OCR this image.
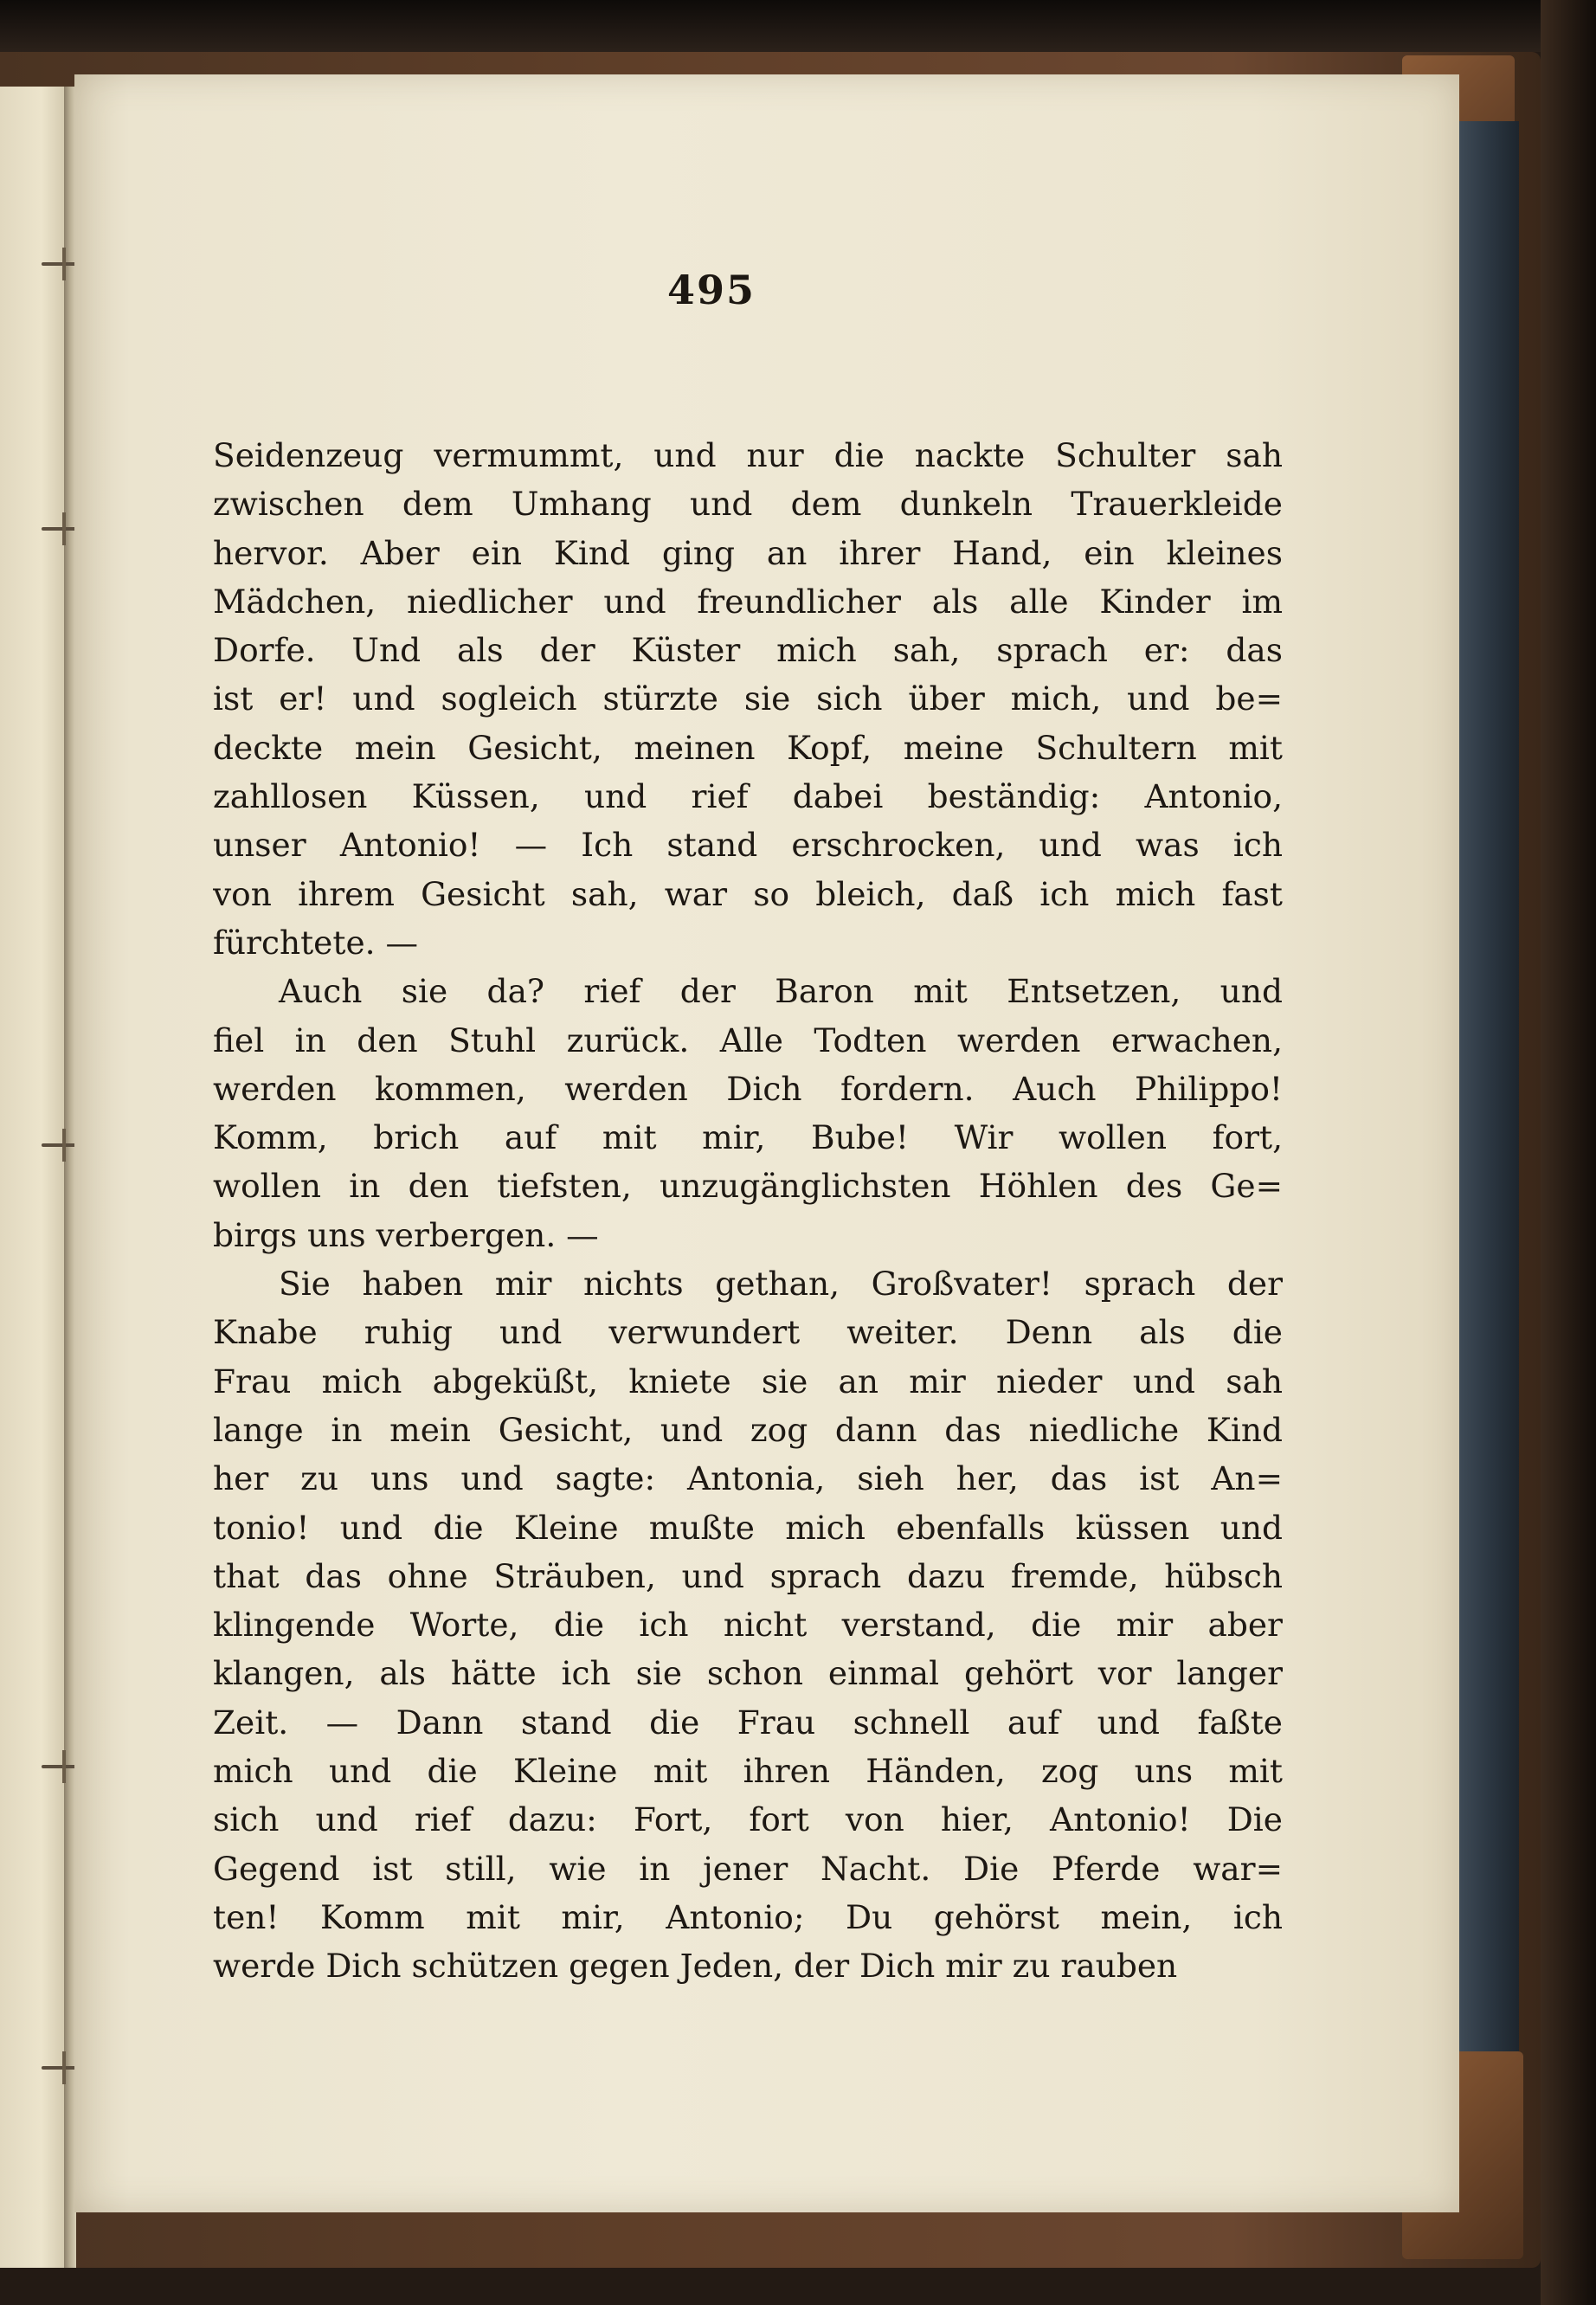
495
Seidenzeug vermummt, und nur die nackte Schulter sah
zwischen dem Umhang und dem dunkeln Trauerkleide
hervor. Aber ein Kind ging an ihrer Hand, ein kleines
Mädchen, niedlicher und freundlicher als alle Kinder im
Dorfe. Und als der Küster mich sah, sprach er: das
ist er! und sogleich stürzte sie sich über mich, und be=
deckte mein Gesicht, meinen Kopf, meine Schultern mit
zahllosen Küssen, und rief dabei beständig: Antonio,
unser Antonio! — Ich stand erschrocken, und was ich
von ihrem Gesicht sah, war so bleich, daß ich mich fast
fürchtete. —
Auch sie da? rief der Baron mit Entsetzen, und
fiel in den Stuhl zurück. Alle Todten werden erwachen,
werden kommen, werden Dich fordern. Auch Philippo!
Komm, brich auf mit mir, Bube! Wir wollen fort,
wollen in den tiefsten, unzugänglichsten Höhlen des Ge=
birgs uns verbergen. —
Sie haben mir nichts gethan, Großvater! sprach der
Knabe ruhig und verwundert weiter. Denn als die
Frau mich abgeküßt, kniete sie an mir nieder und sah
lange in mein Gesicht, und zog dann das niedliche Kind
her zu uns und sagte: Antonia, sieh her, das ist An=
tonio! und die Kleine mußte mich ebenfalls küssen und
that das ohne Sträuben, und sprach dazu fremde, hübsch
klingende Worte, die ich nicht verstand, die mir aber
klangen, als hätte ich sie schon einmal gehört vor langer
Zeit. — Dann stand die Frau schnell auf und faßte
mich und die Kleine mit ihren Händen, zog uns mit
sich und rief dazu: Fort, fort von hier, Antonio! Die
Gegend ist still, wie in jener Nacht. Die Pferde war=
ten! Komm mit mir, Antonio; Du gehörst mein, ich
werde Dich schützen gegen Jeden, der Dich mir zu rauben
